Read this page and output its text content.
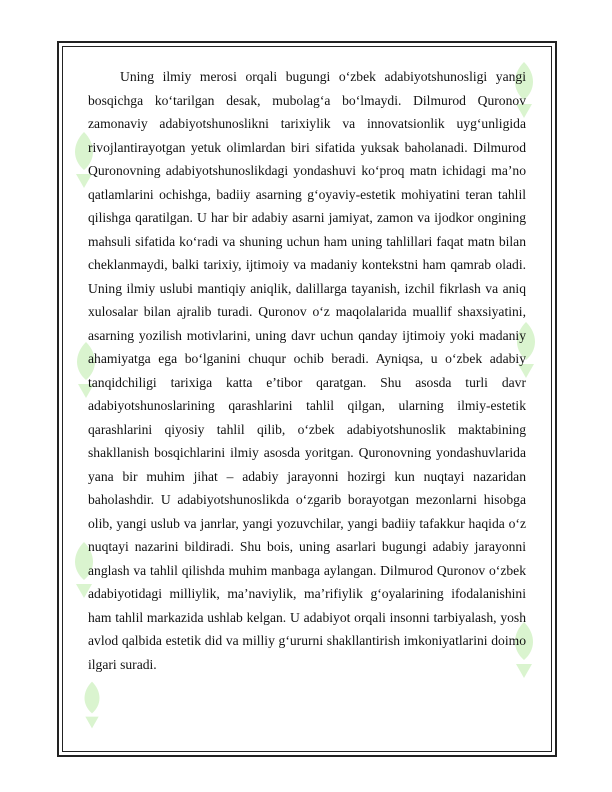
Uning ilmiy merosi orqali bugungi o‘zbek adabiyotshunosligi yangi bosqichga ko‘tarilgan desak, mubolag‘a bo‘lmaydi. Dilmurod Quronov zamonaviy adabiyotshunoslikni tarixiylik va innovatsionlik uyg‘unligida rivojlantirayotgan yetuk olimlardan biri sifatida yuksak baholanadi. Dilmurod Quronovning adabiyotshunoslikdagi yondashuvi ko‘proq matn ichidagi ma’no qatlamlarini ochishga, badiiy asarning g‘oyaviy-estetik mohiyatini teran tahlil qilishga qaratilgan. U har bir adabiy asarni jamiyat, zamon va ijodkor ongining mahsuli sifatida ko‘radi va shuning uchun ham uning tahlillari faqat matn bilan cheklanmaydi, balki tarixiy, ijtimoiy va madaniy kontekstni ham qamrab oladi. Uning ilmiy uslubi mantiqiy aniqlik, dalillarga tayanish, izchil fikrlash va aniq xulosalar bilan ajralib turadi. Quronov o‘z maqolalarida muallif shaxsiyatini, asarning yozilish motivlarini, uning davr uchun qanday ijtimoiy yoki madaniy ahamiyatga ega bo‘lganini chuqur ochib beradi. Ayniqsa, u o‘zbek adabiy tanqidchiligi tarixiga katta e’tibor qaratgan. Shu asosda turli davr adabiyotshunoslarining qarashlarini tahlil qilgan, ularning ilmiy-estetik qarashlarini qiyosiy tahlil qilib, o‘zbek adabiyotshunoslik maktabining shakllanish bosqichlarini ilmiy asosda yoritgan. Quronovning yondashuvlarida yana bir muhim jihat – adabiy jarayonni hozirgi kun nuqtayi nazaridan baholashdir. U adabiyotshunoslikda o‘zgarib borayotgan mezonlarni hisobga olib, yangi uslub va janrlar, yangi yozuvchilar, yangi badiiy tafakkur haqida o‘z nuqtayi nazarini bildiradi. Shu bois, uning asarlari bugungi adabiy jarayonni anglash va tahlil qilishda muhim manbaga aylangan. Dilmurod Quronov o‘zbek adabiyotidagi milliylik, ma’naviylik, ma’rifiylik g‘oyalarining ifodalanishini ham tahlil markazida ushlab kelgan. U adabiyot orqali insonni tarbiyalash, yosh avlod qalbida estetik did va milliy g‘ururni shakllantirish imkoniyatlarini doimo ilgari suradi.
